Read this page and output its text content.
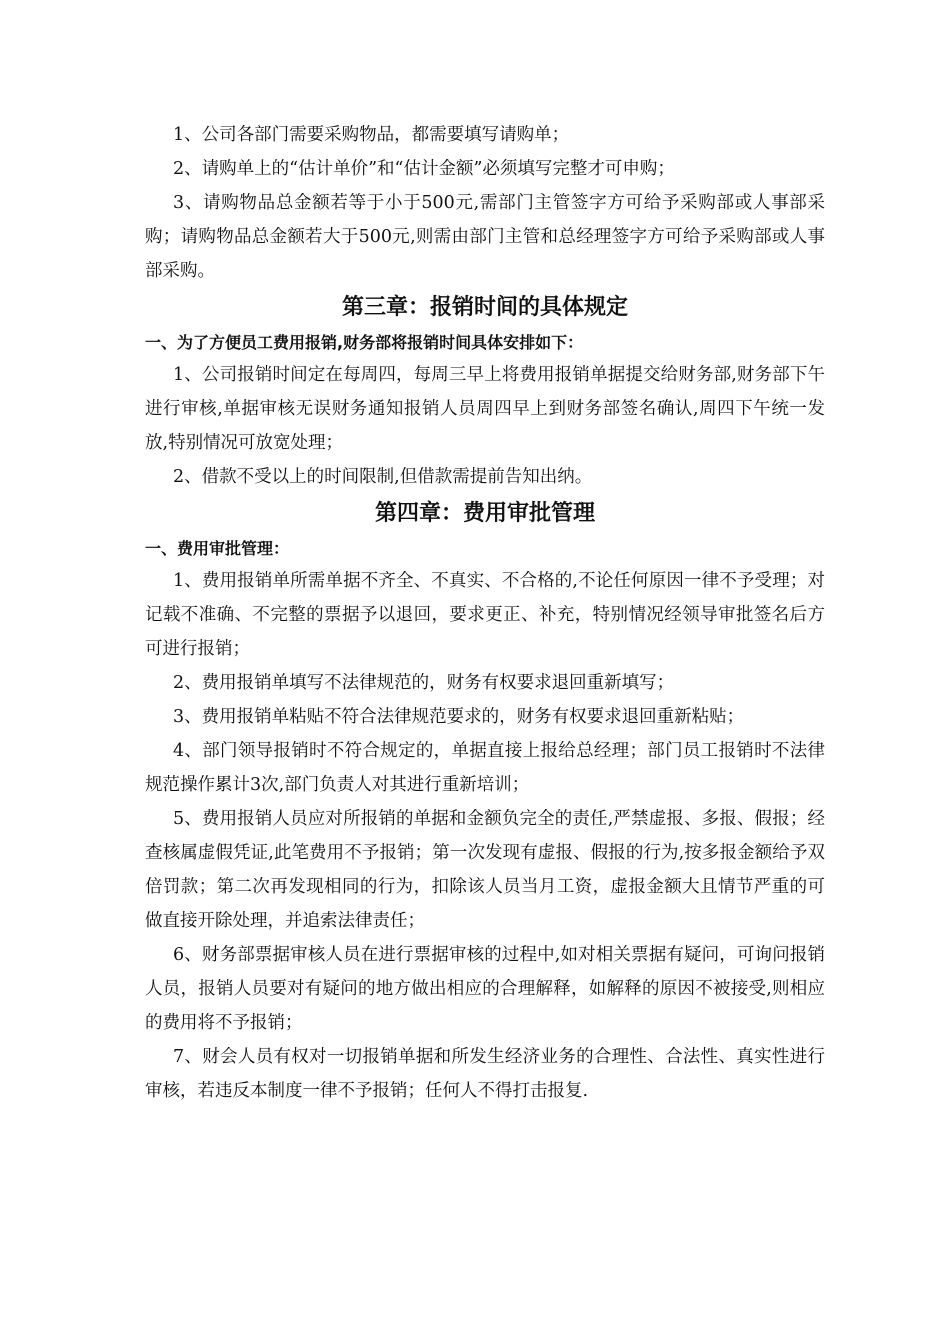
1、公司各部门需要采购物品，都需要填写请购单；

2、请购单上的“估计单价”和“估计金额”必须填写完整才可申购；

3、请购物品总金额若等于小于500元,需部门主管签字方可给予采购部或人事部采购；请购物品总金额若大于500元,则需由部门主管和总经理签字方可给予采购部或人事部采购。

第三章：报销时间的具体规定
一、为了方便员工费用报销,财务部将报销时间具体安排如下：

1、公司报销时间定在每周四，每周三早上将费用报销单据提交给财务部,财务部下午进行审核,单据审核无误财务通知报销人员周四早上到财务部签名确认,周四下午统一发放,特别情况可放宽处理；

2、借款不受以上的时间限制,但借款需提前告知出纳。

第四章：费用审批管理
一、费用审批管理：

1、费用报销单所需单据不齐全、不真实、不合格的,不论任何原因一律不予受理；对记载不准确、不完整的票据予以退回，要求更正、补充，特别情况经领导审批签名后方可进行报销；

2、费用报销单填写不法律规范的，财务有权要求退回重新填写；

3、费用报销单粘贴不符合法律规范要求的，财务有权要求退回重新粘贴；

4、部门领导报销时不符合规定的，单据直接上报给总经理；部门员工报销时不法律规范操作累计3次,部门负责人对其进行重新培训；

5、费用报销人员应对所报销的单据和金额负完全的责任,严禁虚报、多报、假报；经查核属虚假凭证,此笔费用不予报销；第一次发现有虚报、假报的行为,按多报金额给予双倍罚款；第二次再发现相同的行为，扣除该人员当月工资，虚报金额大且情节严重的可做直接开除处理，并追索法律责任；

6、财务部票据审核人员在进行票据审核的过程中,如对相关票据有疑问，可询问报销人员，报销人员要对有疑问的地方做出相应的合理解释，如解释的原因不被接受,则相应的费用将不予报销；

7、财会人员有权对一切报销单据和所发生经济业务的合理性、合法性、真实性进行审核，若违反本制度一律不予报销；任何人不得打击报复.
